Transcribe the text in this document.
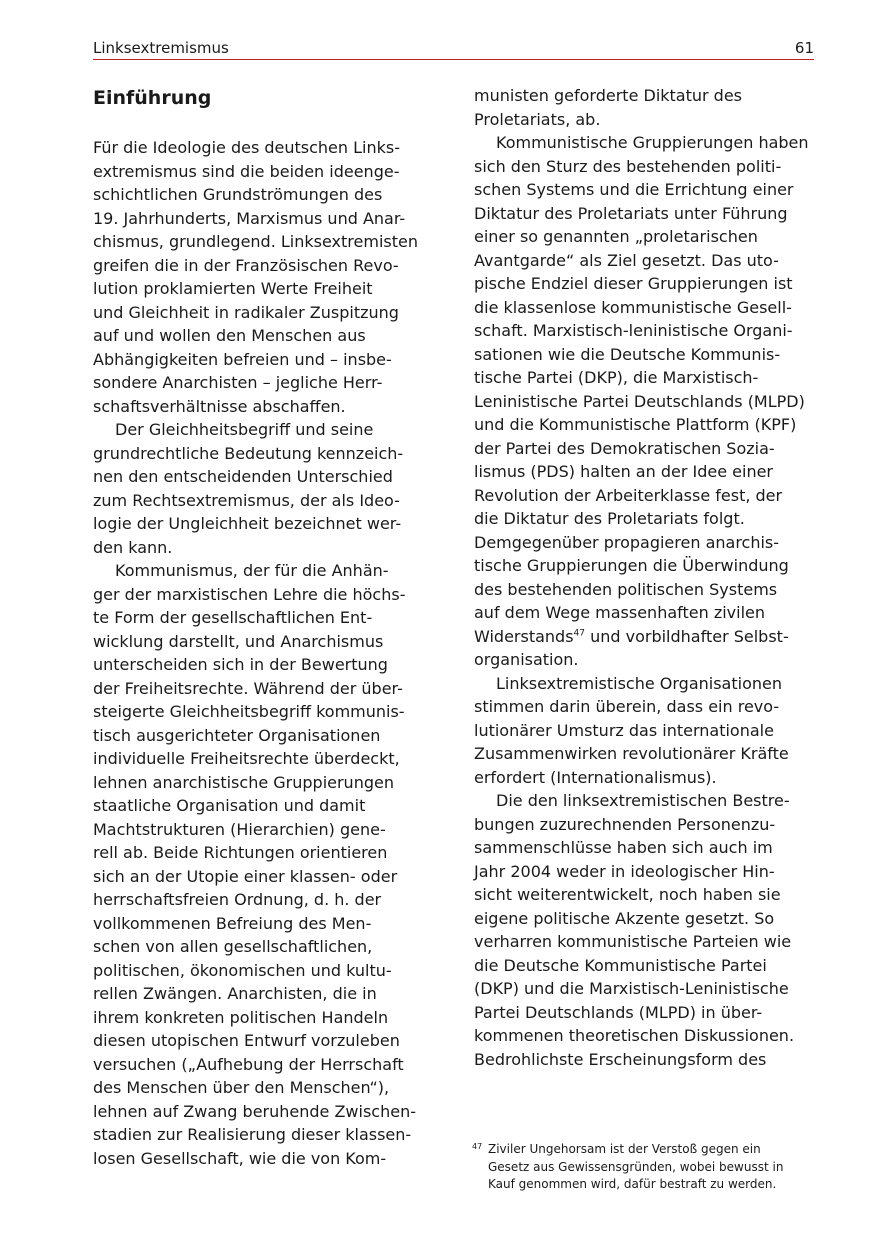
Linksextremismus	61
Einführung

Für die Ideologie des deutschen Links-

extremismus sind die beiden ideenge-

schichtlichen Grundströmungen des

19. Jahrhunderts, Marxismus und Anar-

chismus, grundlegend. Linksextremisten

greifen die in der Französischen Revo-

lution proklamierten Werte Freiheit

und Gleichheit in radikaler Zuspitzung

auf und wollen den Menschen aus

Abhängigkeiten befreien und – insbe-

sondere Anarchisten – jegliche Herr-

schaftsverhältnisse abschaffen.

Der Gleichheitsbegriff und seine

grundrechtliche Bedeutung kennzeich-

nen den entscheidenden Unterschied

zum Rechtsextremismus, der als Ideo-

logie der Ungleichheit bezeichnet wer-

den kann.

Kommunismus, der für die Anhän-

ger der marxistischen Lehre die höchs-

te Form der gesellschaftlichen Ent-

wicklung darstellt, und Anarchismus

unterscheiden sich in der Bewertung

der Freiheitsrechte. Während der über-

steigerte Gleichheitsbegriff kommunis-

tisch ausgerichteter Organisationen

individuelle Freiheitsrechte überdeckt,

lehnen anarchistische Gruppierungen

staatliche Organisation und damit

Machtstrukturen (Hierarchien) gene-

rell ab. Beide Richtungen orientieren

sich an der Utopie einer klassen- oder

herrschaftsfreien Ordnung, d. h. der

vollkommenen Befreiung des Men-

schen von allen gesellschaftlichen,

politischen, ökonomischen und kultu-

rellen Zwängen. Anarchisten, die in

ihrem konkreten politischen Handeln

diesen utopischen Entwurf vorzuleben

versuchen („Aufhebung der Herrschaft

des Menschen über den Menschen“),

lehnen auf Zwang beruhende Zwischen-

stadien zur Realisierung dieser klassen-

losen Gesellschaft, wie die von Kom-

munisten geforderte Diktatur des

Proletariats, ab.

Kommunistische Gruppierungen haben

sich den Sturz des bestehenden politi-

schen Systems und die Errichtung einer

Diktatur des Proletariats unter Führung

einer so genannten „proletarischen

Avantgarde“ als Ziel gesetzt. Das uto-

pische Endziel dieser Gruppierungen ist

die klassenlose kommunistische Gesell-

schaft. Marxistisch-leninistische Organi-

sationen wie die Deutsche Kommunis-

tische Partei (DKP), die Marxistisch-

Leninistische Partei Deutschlands (MLPD)

und die Kommunistische Plattform (KPF)

der Partei des Demokratischen Sozia-

lismus (PDS) halten an der Idee einer

Revolution der Arbeiterklasse fest, der

die Diktatur des Proletariats folgt.

Demgegenüber propagieren anarchis-

tische Gruppierungen die Überwindung

des bestehenden politischen Systems

auf dem Wege massenhaften zivilen

Widerstands$^{47}$ und vorbildhafter Selbst-

organisation.

Linksextremistische Organisationen

stimmen darin überein, dass ein revo-

lutionärer Umsturz das internationale

Zusammenwirken revolutionärer Kräfte

erfordert (Internationalismus).

Die den linksextremistischen Bestre-

bungen zuzurechnenden Personenzu-

sammenschlüsse haben sich auch im

Jahr 2004 weder in ideologischer Hin-

sicht weiterentwickelt, noch haben sie

eigene politische Akzente gesetzt. So

verharren kommunistische Parteien wie

die Deutsche Kommunistische Partei

(DKP) und die Marxistisch-Leninistische

Partei Deutschlands (MLPD) in über-

kommenen theoretischen Diskussionen.

Bedrohlichste Erscheinungsform des

47 Ziviler Ungehorsam ist der Verstoß gegen ein

Gesetz aus Gewissensgründen, wobei bewusst in

Kauf genommen wird, dafür bestraft zu werden.
